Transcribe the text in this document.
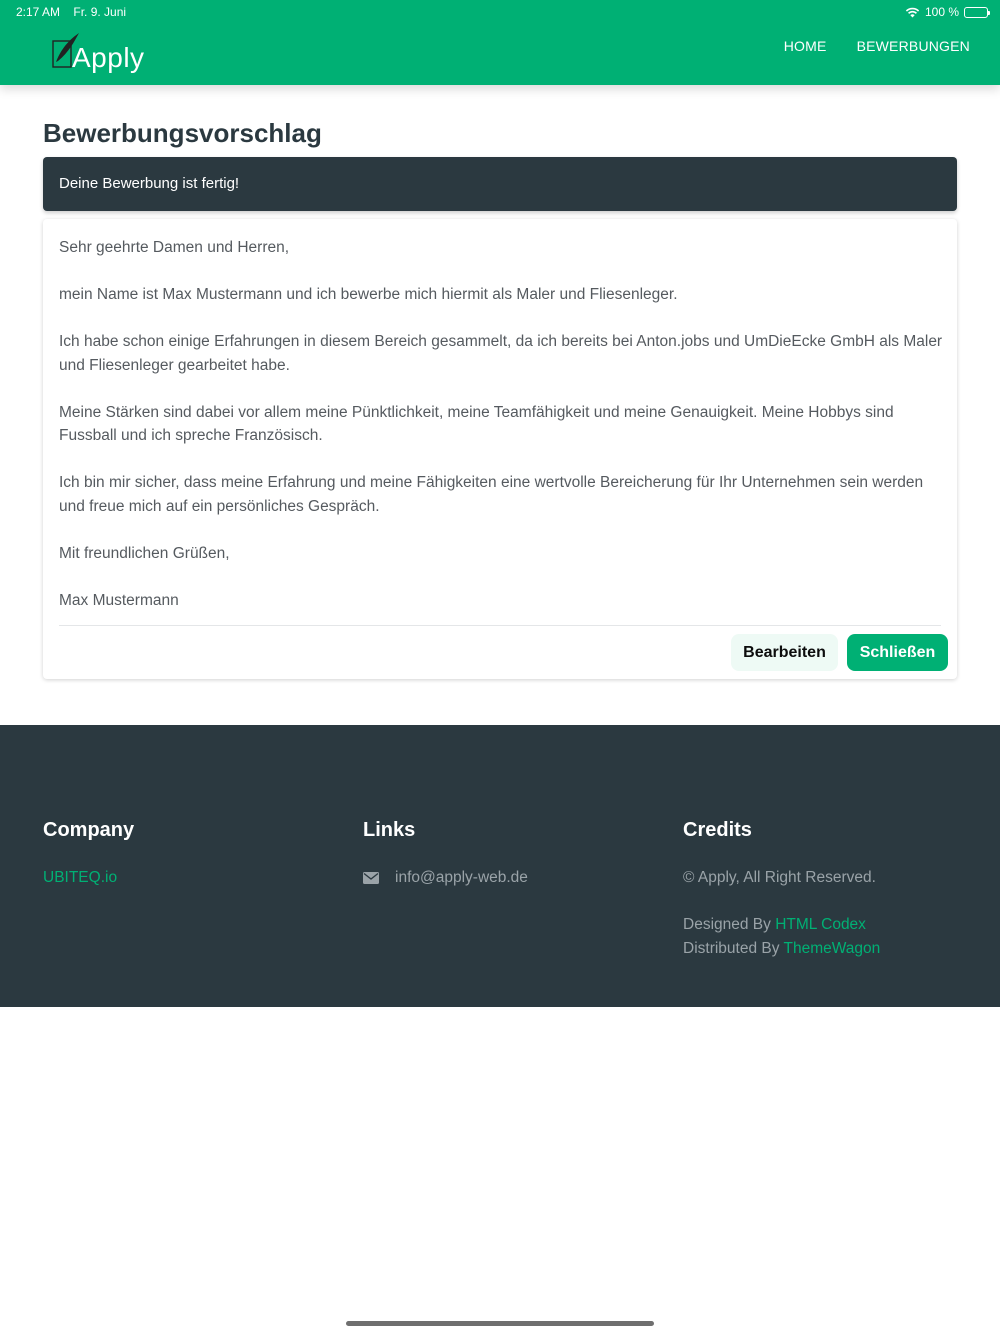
2:17 AM Fr. 9. Juni	100 %
Apply	HOME BEWERBUNGEN
Bewerbungsvorschlag
Deine Bewerbung ist fertig!

Sehr geehrte Damen und Herren,

mein Name ist Max Mustermann und ich bewerbe mich hiermit als Maler und Fliesenleger.

Ich habe schon einige Erfahrungen in diesem Bereich gesammelt, da ich bereits bei Anton.jobs und UmDieEcke GmbH als Maler und Fliesenleger gearbeitet habe.

Meine Stärken sind dabei vor allem meine Pünktlichkeit, meine Teamfähigkeit und meine Genauigkeit. Meine Hobbys sind Fussball und ich spreche Französisch.

Ich bin mir sicher, dass meine Erfahrung und meine Fähigkeiten eine wertvolle Bereicherung für Ihr Unternehmen sein werden und freue mich auf ein persönliches Gespräch.

Mit freundlichen Grüßen,

Max Mustermann

Bearbeiten	Schließen
Company
UBITEQ.io
Links
info@apply-web.de
Credits
© Apply, All Right Reserved.
Designed By HTML Codex
Distributed By ThemeWagon
